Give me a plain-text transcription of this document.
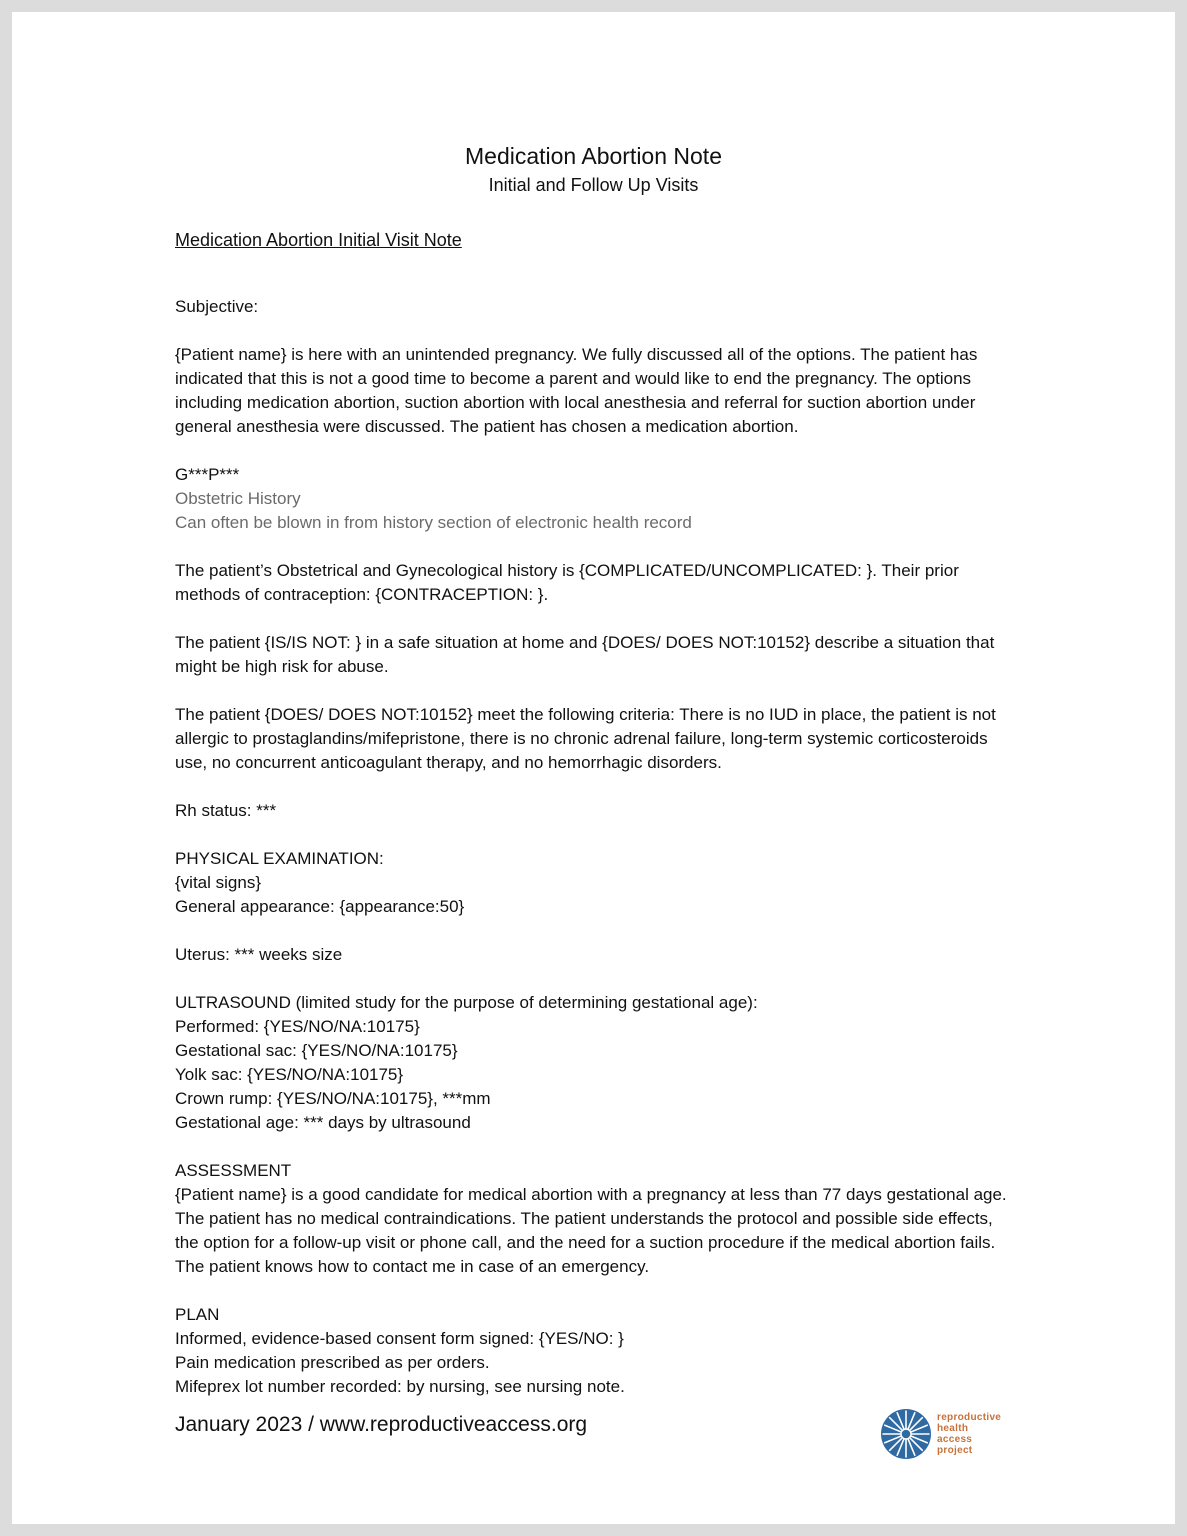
Medication Abortion Note
Initial and Follow Up Visits
Medication Abortion Initial Visit Note

Subjective:

{Patient name} is here with an unintended pregnancy. We fully discussed all of the options. The patient has indicated that this is not a good time to become a parent and would like to end the pregnancy. The options including medication abortion, suction abortion with local anesthesia and referral for suction abortion under general anesthesia were discussed. The patient has chosen a medication abortion.

G***P***

Obstetric History

Can often be blown in from history section of electronic health record

The patient’s Obstetrical and Gynecological history is {COMPLICATED/UNCOMPLICATED: }. Their prior methods of contraception: {CONTRACEPTION: }.

The patient {IS/IS NOT: } in a safe situation at home and {DOES/ DOES NOT:10152} describe a situation that might be high risk for abuse.

The patient {DOES/ DOES NOT:10152} meet the following criteria: There is no IUD in place, the patient is not allergic to prostaglandins/mifepristone, there is no chronic adrenal failure, long-term systemic corticosteroids use, no concurrent anticoagulant therapy, and no hemorrhagic disorders.

Rh status: ***

PHYSICAL EXAMINATION:

{vital signs}

General appearance: {appearance:50}

Uterus: *** weeks size

ULTRASOUND (limited study for the purpose of determining gestational age):

Performed: {YES/NO/NA:10175}

Gestational sac: {YES/NO/NA:10175}

Yolk sac: {YES/NO/NA:10175}

Crown rump: {YES/NO/NA:10175}, ***mm

Gestational age: *** days by ultrasound

ASSESSMENT

{Patient name} is a good candidate for medical abortion with a pregnancy at less than 77 days gestational age. The patient has no medical contraindications. The patient understands the protocol and possible side effects, the option for a follow-up visit or phone call, and the need for a suction procedure if the medical abortion fails. The patient knows how to contact me in case of an emergency.

PLAN

Informed, evidence-based consent form signed: {YES/NO: }

Pain medication prescribed as per orders.

Mifeprex lot number recorded: by nursing, see nursing note.

January 2023 / www.reproductiveaccess.org	reproductive
health
access
project
